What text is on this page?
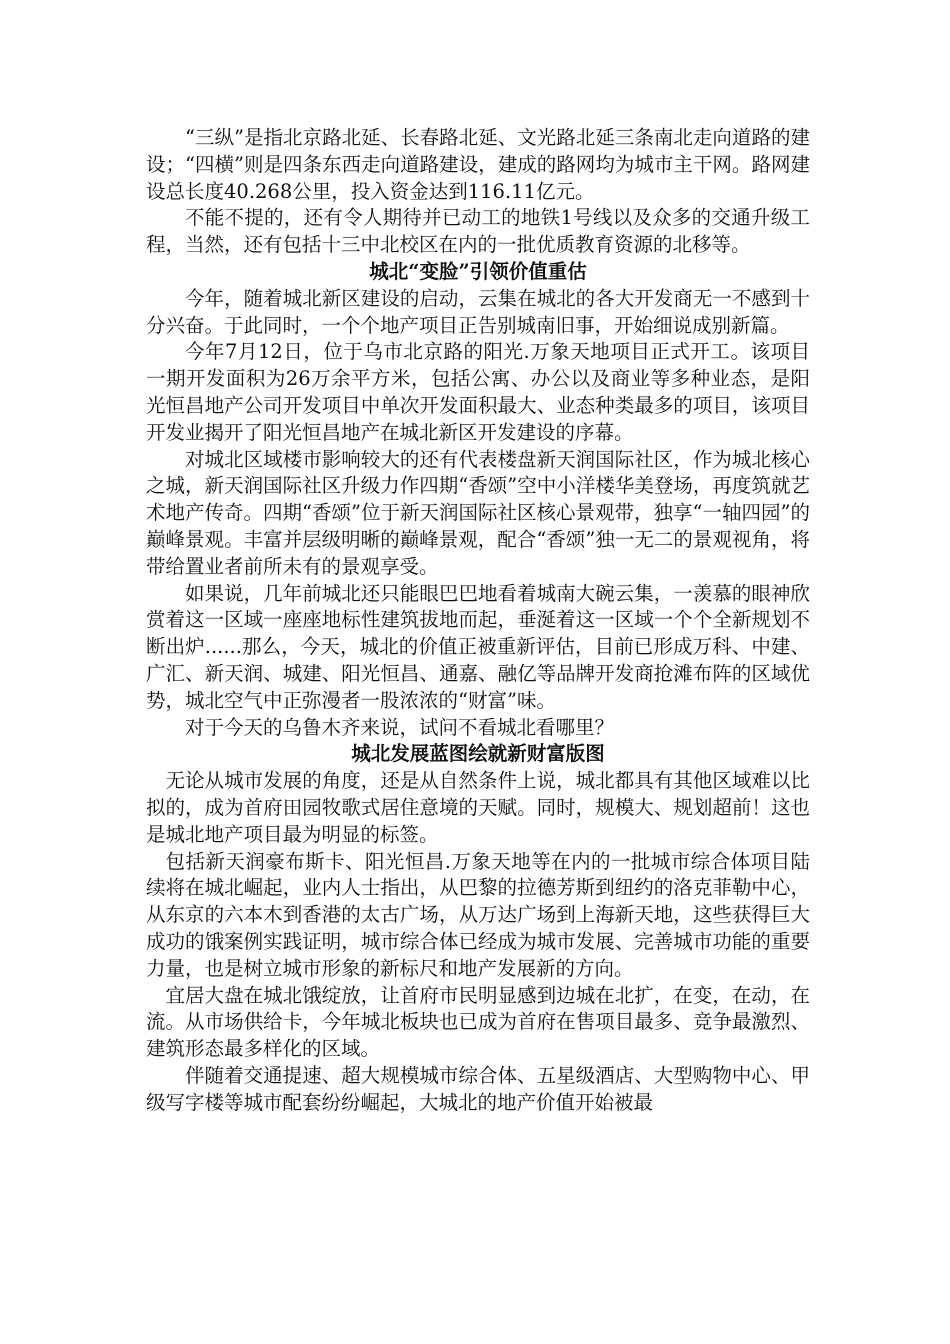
“三纵”是指北京路北延、长春路北延、文光路北延三条南北走向道路的建设；“四横”则是四条东西走向道路建设，建成的路网均为城市主干网。路网建设总长度40.268公里，投入资金达到116.11亿元。

不能不提的，还有令人期待并已动工的地铁1号线以及众多的交通升级工程，当然，还有包括十三中北校区在内的一批优质教育资源的北移等。

城北“变脸”引领价值重估

今年，随着城北新区建设的启动，云集在城北的各大开发商无一不感到十分兴奋。于此同时，一个个地产项目正告别城南旧事，开始细说成别新篇。

今年7月12日，位于乌市北京路的阳光.万象天地项目正式开工。该项目一期开发面积为26万余平方米，包括公寓、办公以及商业等多种业态，是阳光恒昌地产公司开发项目中单次开发面积最大、业态种类最多的项目，该项目开发业揭开了阳光恒昌地产在城北新区开发建设的序幕。

对城北区域楼市影响较大的还有代表楼盘新天润国际社区，作为城北核心之城，新天润国际社区升级力作四期“香颂”空中小洋楼华美登场，再度筑就艺术地产传奇。四期“香颂”位于新天润国际社区核心景观带，独享“一轴四园”的巅峰景观。丰富并层级明晰的巅峰景观，配合“香颂”独一无二的景观视角，将带给置业者前所未有的景观享受。

如果说，几年前城北还只能眼巴巴地看着城南大碗云集，一羡慕的眼神欣赏着这一区域一座座地标性建筑拔地而起，垂涎着这一区域一个个全新规划不断出炉......那么，今天，城北的价值正被重新评估，目前已形成万科、中建、广汇、新天润、城建、阳光恒昌、通嘉、融亿等品牌开发商抢滩布阵的区域优势，城北空气中正弥漫者一股浓浓的“财富”味。

对于今天的乌鲁木齐来说，试问不看城北看哪里？

城北发展蓝图绘就新财富版图

无论从城市发展的角度，还是从自然条件上说，城北都具有其他区域难以比拟的，成为首府田园牧歌式居住意境的天赋。同时，规模大、规划超前！这也是城北地产项目最为明显的标签。

包括新天润豪布斯卡、阳光恒昌.万象天地等在内的一批城市综合体项目陆续将在城北崛起，业内人士指出，从巴黎的拉德芳斯到纽约的洛克菲勒中心，从东京的六本木到香港的太古广场，从万达广场到上海新天地，这些获得巨大成功的饿案例实践证明，城市综合体已经成为城市发展、完善城市功能的重要力量，也是树立城市形象的新标尺和地产发展新的方向。

宜居大盘在城北饿绽放，让首府市民明显感到边城在北扩，在变，在动，在流。从市场供给卡，今年城北板块也已成为首府在售项目最多、竞争最激烈、建筑形态最多样化的区域。

伴随着交通提速、超大规模城市综合体、五星级酒店、大型购物中心、甲级写字楼等城市配套纷纷崛起，大城北的地产价值开始被最
